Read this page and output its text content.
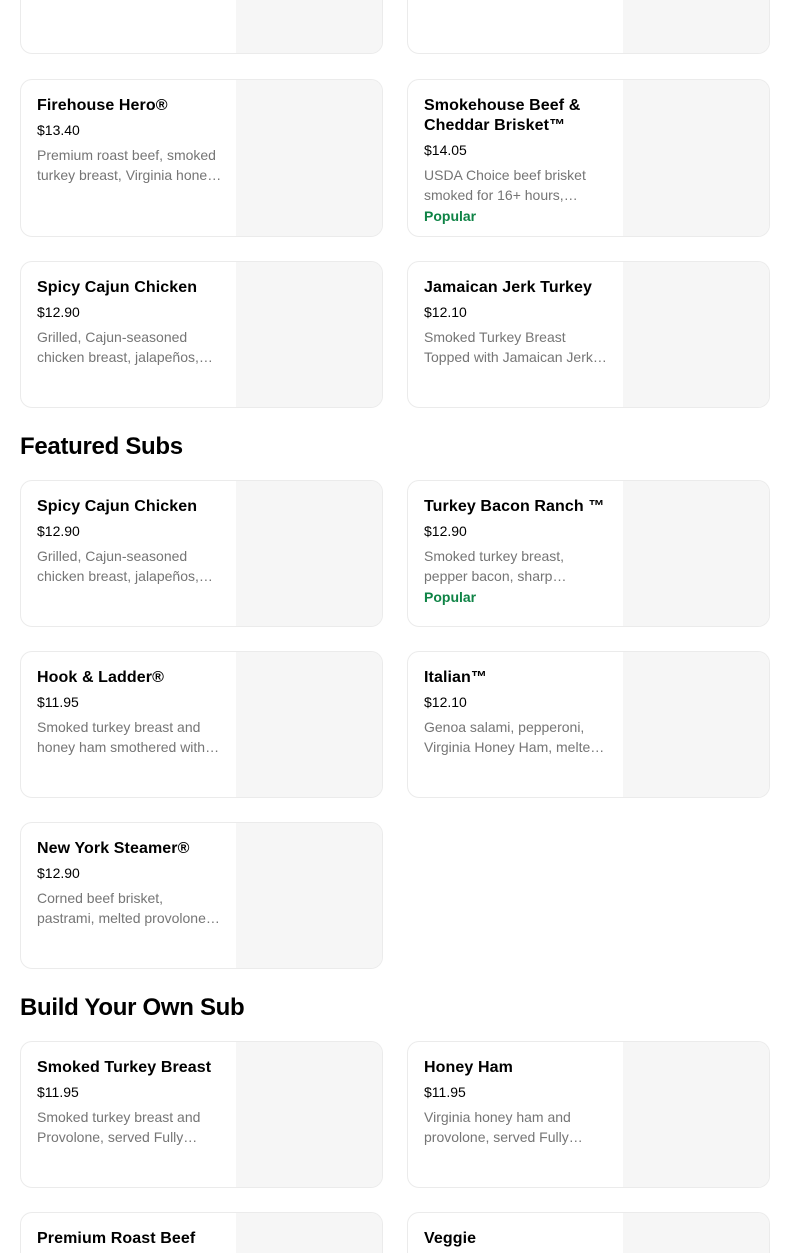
Firehouse Hero®
$13.40
Premium roast beef, smoked turkey breast, Virginia honey
Smokehouse Beef & Cheddar Brisket™
$14.05
USDA Choice beef brisket smoked for 16+ hours,
Popular
Spicy Cajun Chicken
$12.90
Grilled, Cajun-seasoned chicken breast, jalapeños,
Jamaican Jerk Turkey
$12.10
Smoked Turkey Breast Topped with Jamaican Jerk
Featured Subs
Spicy Cajun Chicken
$12.90
Grilled, Cajun-seasoned chicken breast, jalapeños,
Turkey Bacon Ranch ™
$12.90
Smoked turkey breast, pepper bacon, sharp
Popular
Hook & Ladder®
$11.95
Smoked turkey breast and honey ham smothered with
Italian™
$12.10
Genoa salami, pepperoni, Virginia Honey Ham, melted
New York Steamer®
$12.90
Corned beef brisket, pastrami, melted provolone,
Build Your Own Sub
Smoked Turkey Breast
$11.95
Smoked turkey breast and Provolone, served Fully
Honey Ham
$11.95
Virginia honey ham and provolone, served Fully
Premium Roast Beef	Veggie
